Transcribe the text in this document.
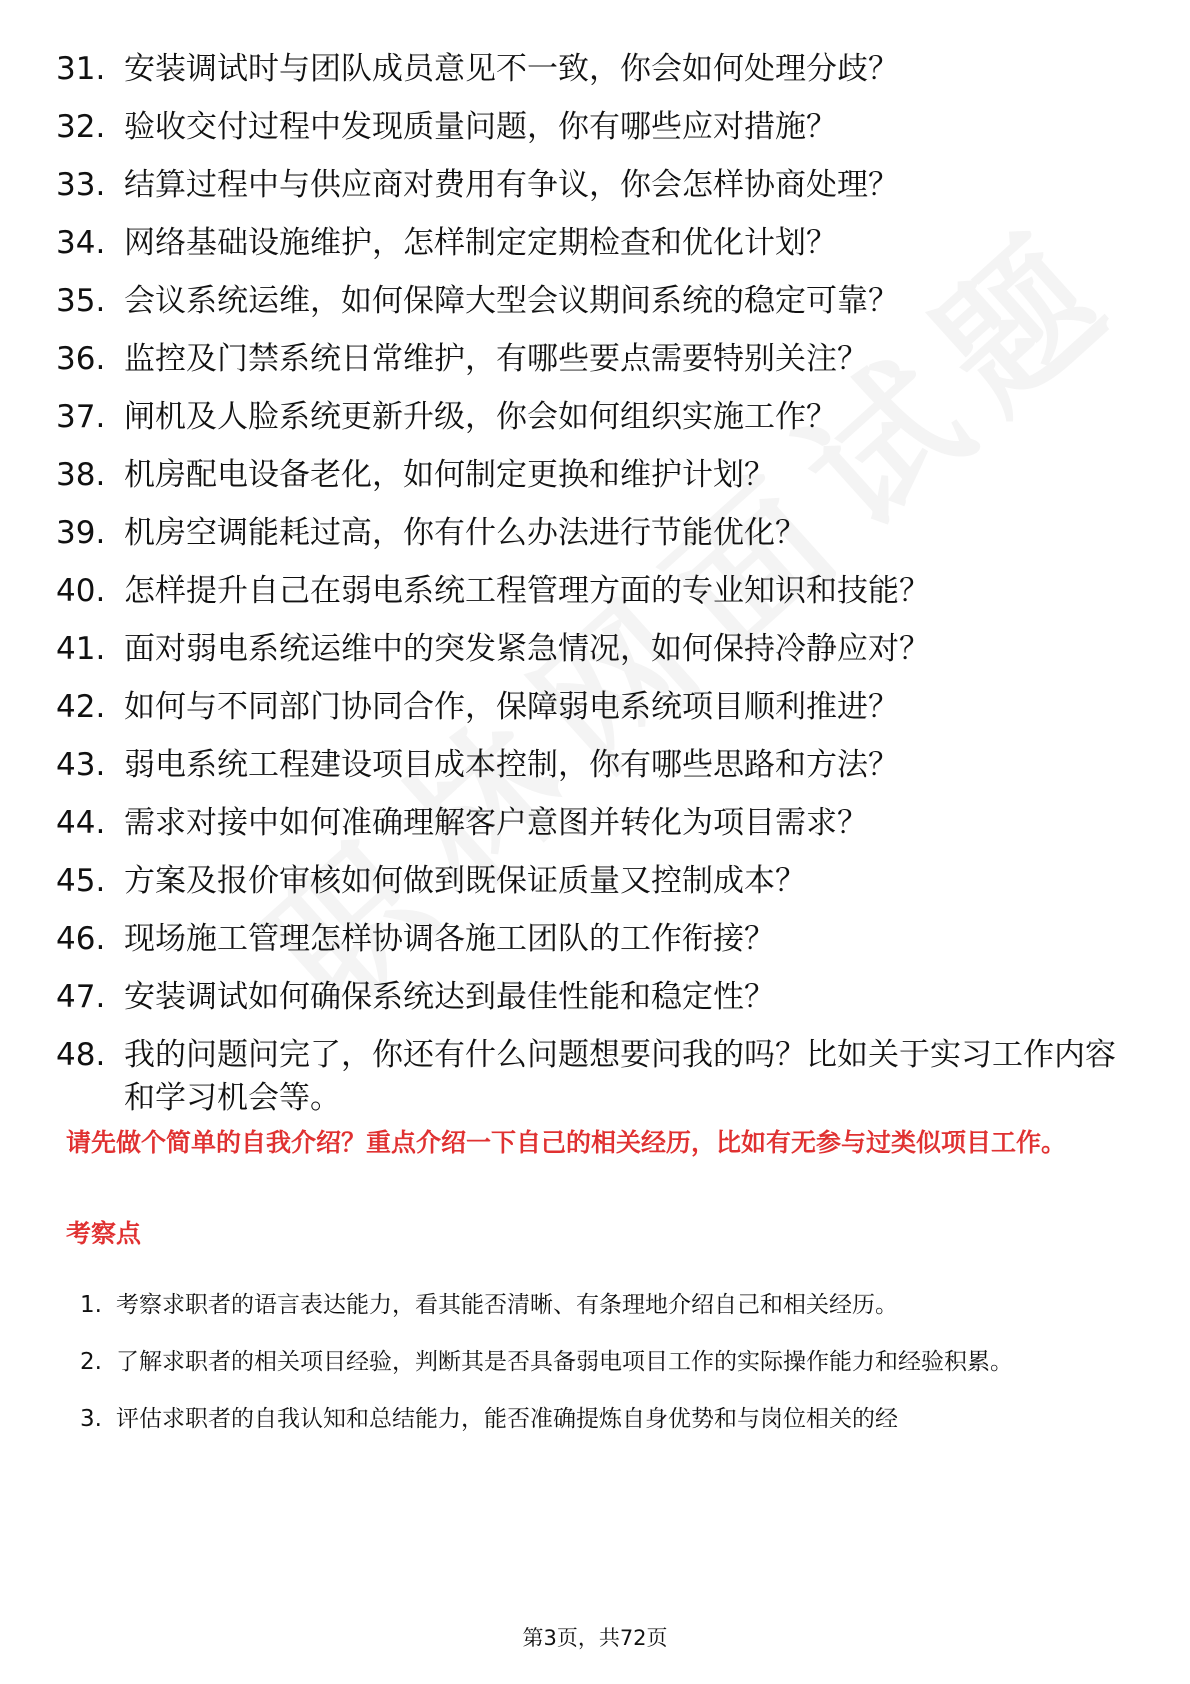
31. 安装调试时与团队成员意见不一致，你会如何处理分歧？
32. 验收交付过程中发现质量问题，你有哪些应对措施？
33. 结算过程中与供应商对费用有争议，你会怎样协商处理？
34. 网络基础设施维护，怎样制定定期检查和优化计划？
35. 会议系统运维，如何保障大型会议期间系统的稳定可靠？
36. 监控及门禁系统日常维护，有哪些要点需要特别关注？
37. 闸机及人脸系统更新升级，你会如何组织实施工作？
38. 机房配电设备老化，如何制定更换和维护计划？
39. 机房空调能耗过高，你有什么办法进行节能优化？
40. 怎样提升自己在弱电系统工程管理方面的专业知识和技能？
41. 面对弱电系统运维中的突发紧急情况，如何保持冷静应对？
42. 如何与不同部门协同合作，保障弱电系统项目顺利推进？
43. 弱电系统工程建设项目成本控制，你有哪些思路和方法？
44. 需求对接中如何准确理解客户意图并转化为项目需求？
45. 方案及报价审核如何做到既保证质量又控制成本？
46. 现场施工管理怎样协调各施工团队的工作衔接？
47. 安装调试如何确保系统达到最佳性能和稳定性？
48. 我的问题问完了，你还有什么问题想要问我的吗？比如关于实习工作内容和学习机会等。

请先做个简单的自我介绍？重点介绍一下自己的相关经历，比如有无参与过类似项目工作。

考察点

1. 考察求职者的语言表达能力，看其能否清晰、有条理地介绍自己和相关经历。
2. 了解求职者的相关项目经验，判断其是否具备弱电项目工作的实际操作能力和经验积累。
3. 评估求职者的自我认知和总结能力，能否准确提炼自身优势和与岗位相关的经
第3页，共72页
